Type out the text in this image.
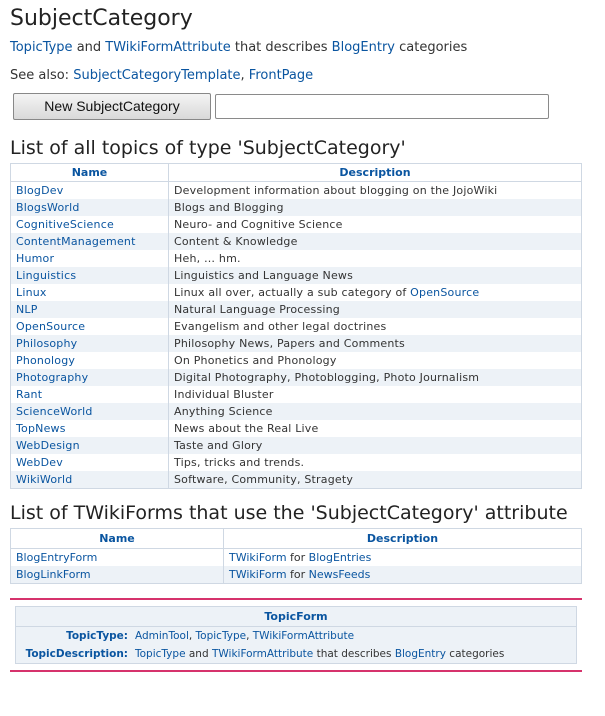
SubjectCategory
TopicType and TWikiFormAttribute that describes BlogEntry categories
See also: SubjectCategoryTemplate, FrontPage
New SubjectCategory
List of all topics of type 'SubjectCategory'
Name	Description
BlogDev	Development information about blogging on the JojoWiki
BlogsWorld	Blogs and Blogging
CognitiveScience	Neuro- and Cognitive Science
ContentManagement	Content & Knowledge
Humor	Heh, … hm.
Linguistics	Linguistics and Language News
Linux	Linux all over, actually a sub category of OpenSource
NLP	Natural Language Processing
OpenSource	Evangelism and other legal doctrines
Philosophy	Philosophy News, Papers and Comments
Phonology	On Phonetics and Phonology
Photography	Digital Photography, Photoblogging, Photo Journalism
Rant	Individual Bluster
ScienceWorld	Anything Science
TopNews	News about the Real Live
WebDesign	Taste and Glory
WebDev	Tips, tricks and trends.
WikiWorld	Software, Community, Stragety
List of TWikiForms that use the 'SubjectCategory' attribute
Name	Description
BlogEntryForm	TWikiForm for BlogEntries
BlogLinkForm	TWikiForm for NewsFeeds
TopicForm
TopicType: AdminTool, TopicType, TWikiFormAttribute
TopicDescription: TopicType and TWikiFormAttribute that describes BlogEntry categories
